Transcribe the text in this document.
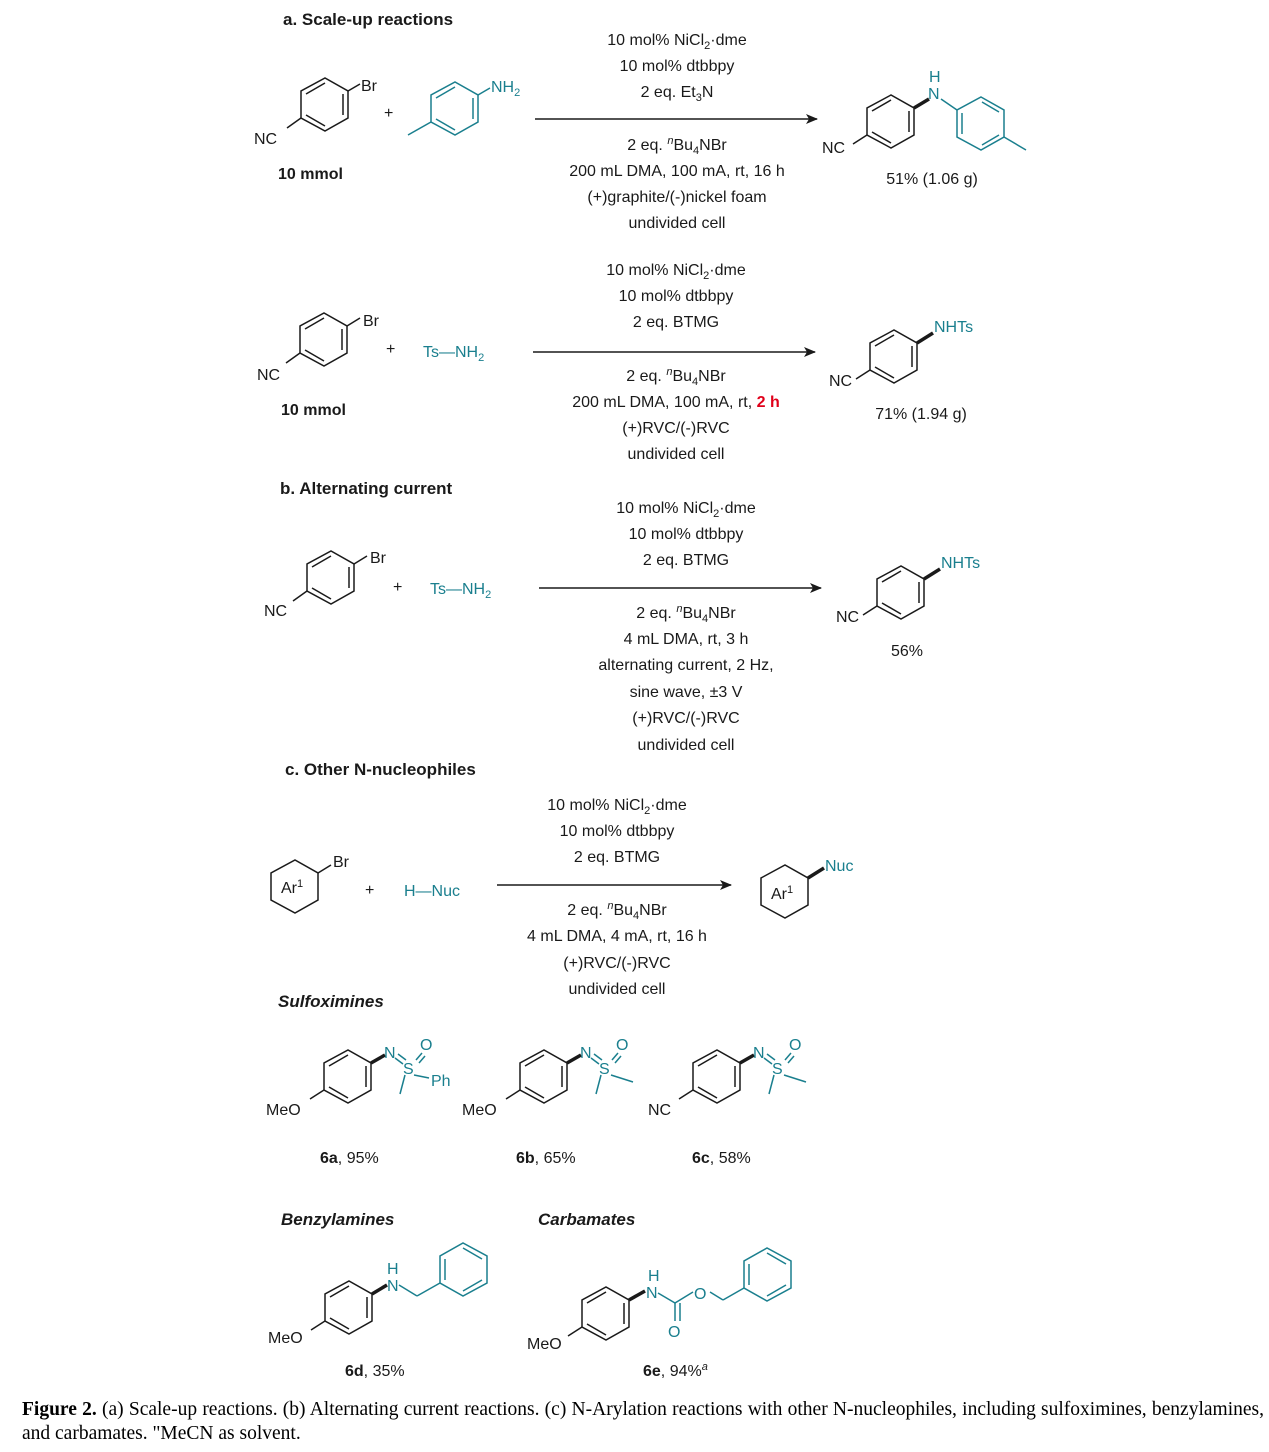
a. Scale-up reactions
Br
NC
10 mmol
+
$NH_2$
10 mol% NiCl$_2$·dme
10 mol% dtbbpy
2 eq. $Et_3N$
2 eq. $^nBu_4NBr$
200 mL DMA, 100 mA, rt, 16 h
(+)graphite/(-)nickel foam
undivided cell
H
N
NC
51% (1.06 g)
Br
NC
10 mmol
+ $Ts—NH_2$
10 mol% NiCl$_2$·dme
10 mol% dtbbpy
2 eq. BTMG
2 eq. $^nBu_4NBr$
200 mL DMA, 100 mA, rt, 2 h
(+)RVC/(-)RVC
undivided cell
NHTs
NC
71% (1.94 g)
b. Alternating current
Br
NC
+ $Ts—NH_2$
10 mol% NiCl$_2$·dme
10 mol% dtbbpy
2 eq. BTMG
2 eq. $^nBu_4NBr$
4 mL DMA, rt, 3 h
alternating current, 2 Hz,
sine wave, ±3 V
(+)RVC/(-)RVC
undivided cell
NHTs
NC
56%
c. Other N-nucleophiles
Ar$^1$
Br
+ H—Nuc
10 mol% NiCl$_2$·dme
10 mol% dtbbpy
2 eq. BTMG
2 eq. $^nBu_4NBr$
4 mL DMA, 4 mA, rt, 16 h
(+)RVC/(-)RVC
undivided cell
Ar$^1$
Nuc
Sulfoximines
N O
S
Ph
MeO
6a, 95%
N O
S
MeO
6b, 65%
N O
S
NC
6c, 58%
Benzylamines
H
N
MeO
6d, 35%
Carbamates
H
N O
O
MeO
6e, 94%$^a$
Figure 2. (a) Scale-up reactions. (b) Alternating current reactions. (c) N-Arylation reactions with other N-nucleophiles, including sulfoximines, benzylamines, and carbamates. "MeCN as solvent.
